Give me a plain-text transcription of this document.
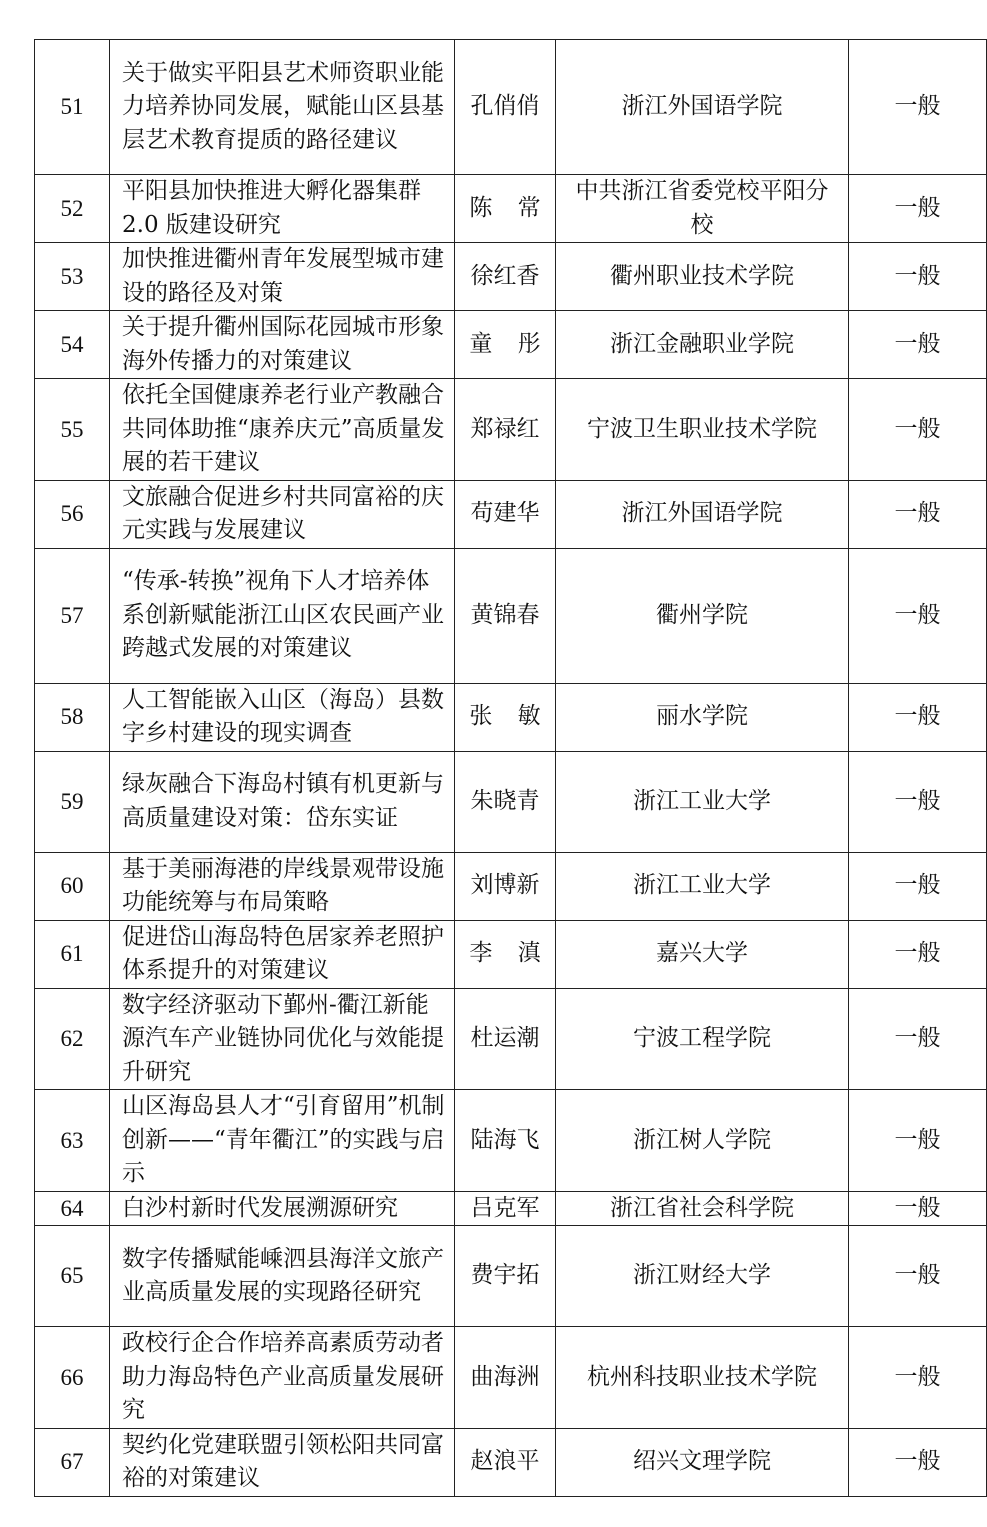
51	关于做实平阳县艺术师资职业能力培养协同发展，赋能山区县基层艺术教育提质的路径建议	孔俏俏	浙江外国语学院	一般
52	平阳县加快推进大孵化器集群 2.0 版建设研究	陈常	中共浙江省委党校平阳分校	一般
53	加快推进衢州青年发展型城市建设的路径及对策	徐红香	衢州职业技术学院	一般
54	关于提升衢州国际花园城市形象海外传播力的对策建议	童彤	浙江金融职业学院	一般
55	依托全国健康养老行业产教融合共同体助推“康养庆元”高质量发展的若干建议	郑禄红	宁波卫生职业技术学院	一般
56	文旅融合促进乡村共同富裕的庆元实践与发展建议	苟建华	浙江外国语学院	一般
57	“传承-转换”视角下人才培养体系创新赋能浙江山区农民画产业跨越式发展的对策建议	黄锦春	衢州学院	一般
58	人工智能嵌入山区（海岛）县数字乡村建设的现实调查	张敏	丽水学院	一般
59	绿灰融合下海岛村镇有机更新与高质量建设对策：岱东实证	朱晓青	浙江工业大学	一般
60	基于美丽海港的岸线景观带设施功能统筹与布局策略	刘博新	浙江工业大学	一般
61	促进岱山海岛特色居家养老照护体系提升的对策建议	李滇	嘉兴大学	一般
62	数字经济驱动下鄞州-衢江新能源汽车产业链协同优化与效能提升研究	杜运潮	宁波工程学院	一般
63	山区海岛县人才“引育留用”机制创新——“青年衢江”的实践与启示	陆海飞	浙江树人学院	一般
64	白沙村新时代发展溯源研究	吕克军	浙江省社会科学院	一般
65	数字传播赋能嵊泗县海洋文旅产业高质量发展的实现路径研究	费宇拓	浙江财经大学	一般
66	政校行企合作培养高素质劳动者助力海岛特色产业高质量发展研究	曲海洲	杭州科技职业技术学院	一般
67	契约化党建联盟引领松阳共同富裕的对策建议	赵浪平	绍兴文理学院	一般
